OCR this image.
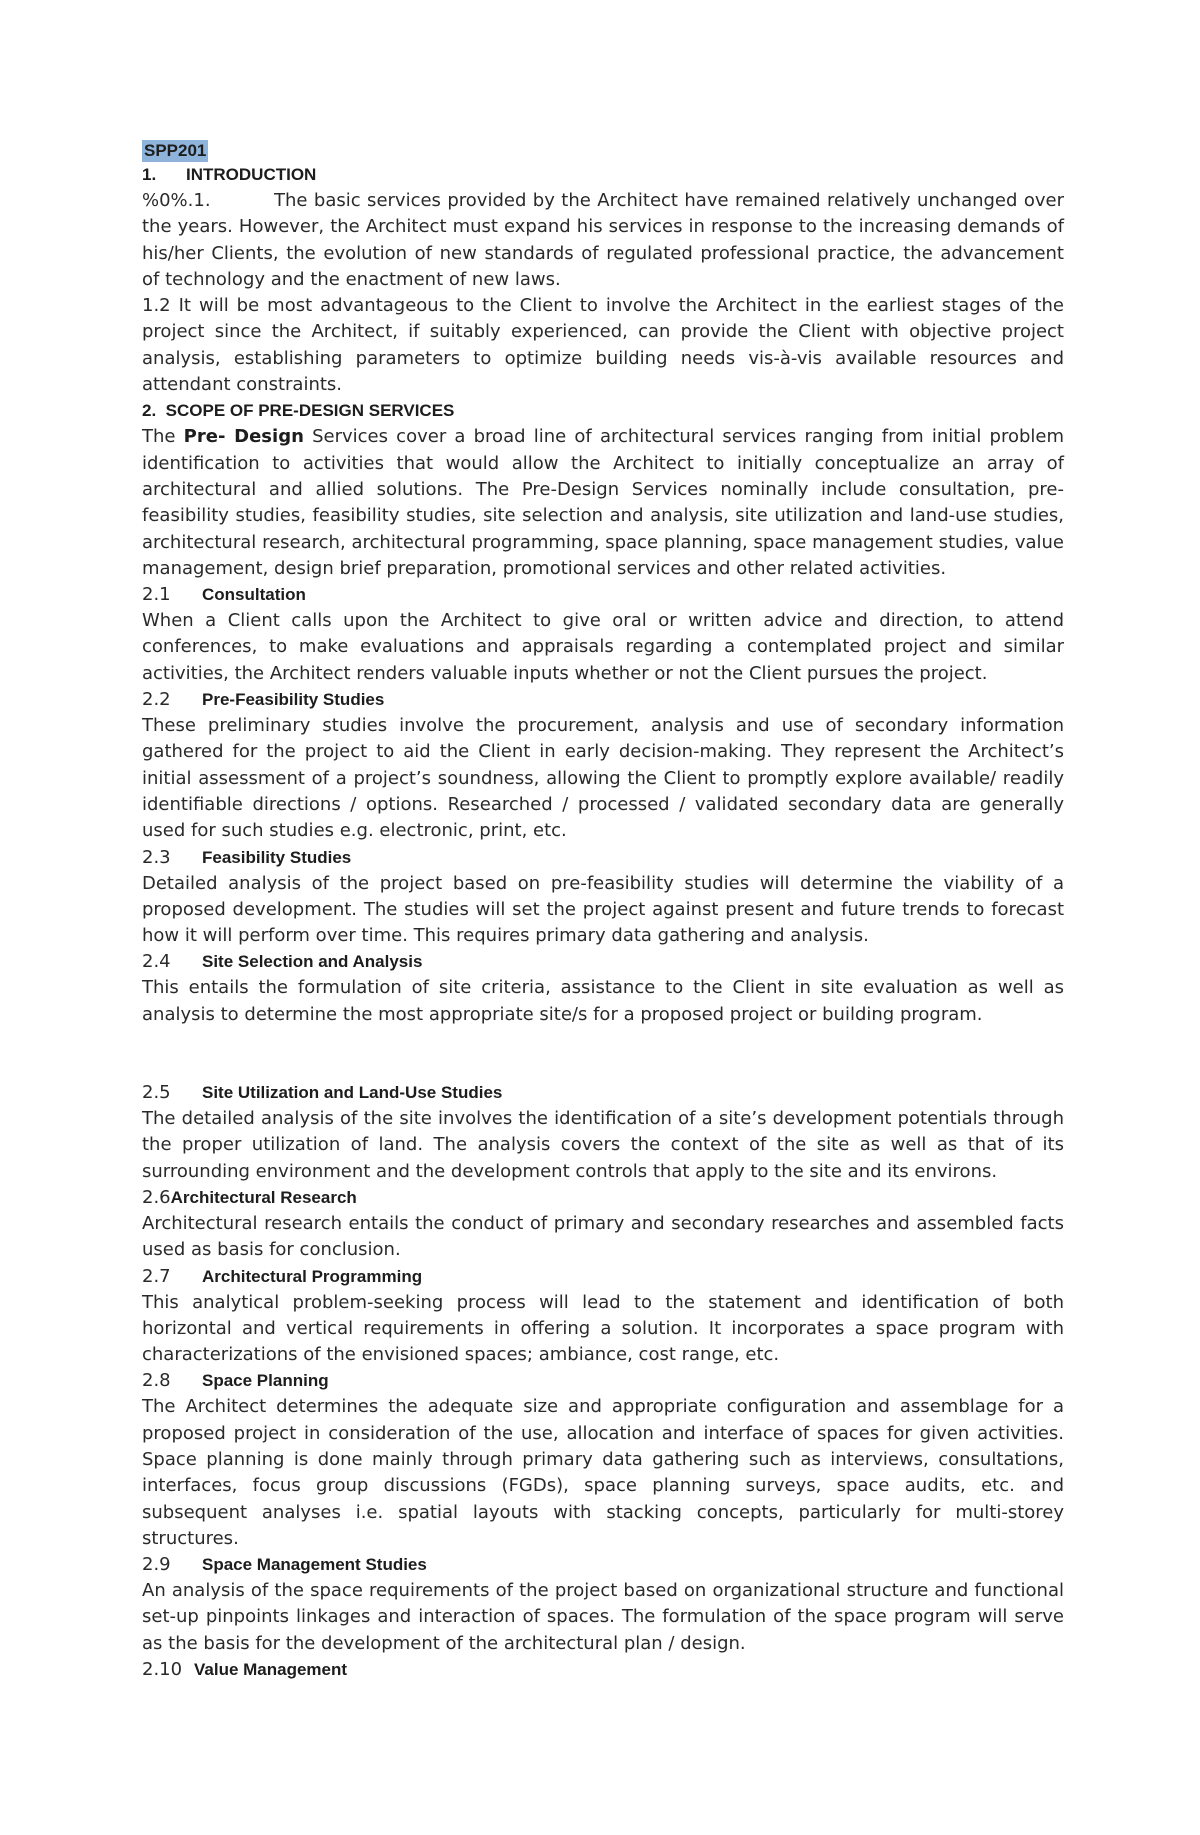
SPP201
1. INTRODUCTION

%0%.1.	The basic services provided by the Architect have remained relatively unchanged over the years. However, the Architect must expand his services in response to the increasing demands of his/her Clients, the evolution of new standards of regulated professional practice, the advancement of technology and the enactment of new laws.

1.2 It will be most advantageous to the Client to involve the Architect in the earliest stages of the project since the Architect, if suitably experienced, can provide the Client with objective project analysis, establishing parameters to optimize building needs vis-à-vis available resources and attendant constraints.

2. SCOPE OF PRE-DESIGN SERVICES

The Pre- Design Services cover a broad line of architectural services ranging from initial problem identification to activities that would allow the Architect to initially conceptualize an array of architectural and allied solutions. The Pre-Design Services nominally include consultation, pre-feasibility studies, feasibility studies, site selection and analysis, site utilization and land-use studies, architectural research, architectural programming, space planning, space management studies, value management, design brief preparation, promotional services and other related activities.

2.1 Consultation

When a Client calls upon the Architect to give oral or written advice and direction, to attend conferences, to make evaluations and appraisals regarding a contemplated project and similar activities, the Architect renders valuable inputs whether or not the Client pursues the project.

2.2 Pre-Feasibility Studies

These preliminary studies involve the procurement, analysis and use of secondary information gathered for the project to aid the Client in early decision-making. They represent the Architect’s initial assessment of a project’s soundness, allowing the Client to promptly explore available/ readily identifiable directions / options. Researched / processed / validated secondary data are generally used for such studies e.g. electronic, print, etc.

2.3 Feasibility Studies

Detailed analysis of the project based on pre-feasibility studies will determine the viability of a proposed development. The studies will set the project against present and future trends to forecast how it will perform over time. This requires primary data gathering and analysis.

2.4 Site Selection and Analysis

This entails the formulation of site criteria, assistance to the Client in site evaluation as well as analysis to determine the most appropriate site/s for a proposed project or building program.

2.5 Site Utilization and Land-Use Studies

The detailed analysis of the site involves the identification of a site’s development potentials through the proper utilization of land. The analysis covers the context of the site as well as that of its surrounding environment and the development controls that apply to the site and its environs.

2.6Architectural Research

Architectural research entails the conduct of primary and secondary researches and assembled facts used as basis for conclusion.

2.7 Architectural Programming

This analytical problem-seeking process will lead to the statement and identification of both horizontal and vertical requirements in offering a solution. It incorporates a space program with characterizations of the envisioned spaces; ambiance, cost range, etc.

2.8 Space Planning

The Architect determines the adequate size and appropriate configuration and assemblage for a proposed project in consideration of the use, allocation and interface of spaces for given activities. Space planning is done mainly through primary data gathering such as interviews, consultations, interfaces, focus group discussions (FGDs), space planning surveys, space audits, etc. and subsequent analyses i.e. spatial layouts with stacking concepts, particularly for multi-storey structures.

2.9 Space Management Studies

An analysis of the space requirements of the project based on organizational structure and functional set-up pinpoints linkages and interaction of spaces. The formulation of the space program will serve as the basis for the development of the architectural plan / design.

2.10 Value Management
